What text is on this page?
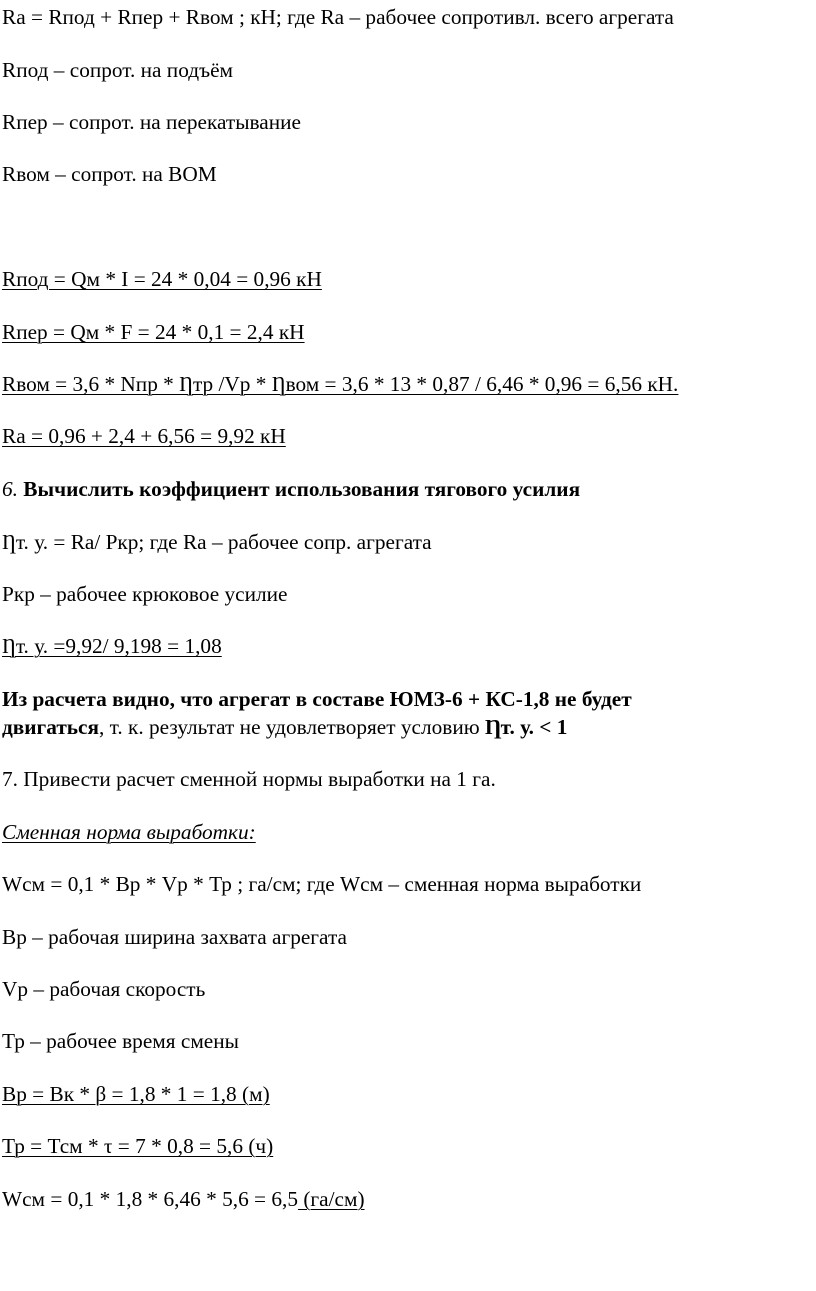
Ra = Rпод + Rпер + Rвом ; кН; где Ra – рабочее сопротивл. всего агрегата
Rпод – сопрот. на подъём
Rпер – сопрот. на перекатывание
Rвом – сопрот. на ВОМ
Rпод = Qм * I = 24 * 0,04 = 0,96 кН
Rпер = Qм * F = 24 * 0,1 = 2,4 кН
Rвом = 3,6 * Nпр * Ƞтр /Vр * Ƞвом = 3,6 * 13 * 0,87 / 6,46 * 0,96 = 6,56 кН.
Ra = 0,96 + 2,4 + 6,56 = 9,92 кН
6. Вычислить коэффициент использования тягового усилия
Ƞт. у. = Ra/ Ркр; где Ra – рабочее сопр. агрегата
Ркр – рабочее крюковое усилие
Ƞт. у. =9,92/ 9,198 = 1,08
Из расчета видно, что агрегат в составе ЮМЗ-6 + КС-1,8 не будет
двигаться, т. к. результат не удовлетворяет условию Ƞт. у. < 1
7. Привести расчет сменной нормы выработки на 1 га.
Сменная норма выработки:
Wсм = 0,1 * Вр * Vр * Тр ; га/см; где Wсм – сменная норма выработки
Вр – рабочая ширина захвата агрегата
Vр – рабочая скорость
Тр – рабочее время смены
Вр = Вк * β = 1,8 * 1 = 1,8 (м)
Тр = Тсм * τ = 7 * 0,8 = 5,6 (ч)
Wсм = 0,1 * 1,8 * 6,46 * 5,6 = 6,5 (га/см)
